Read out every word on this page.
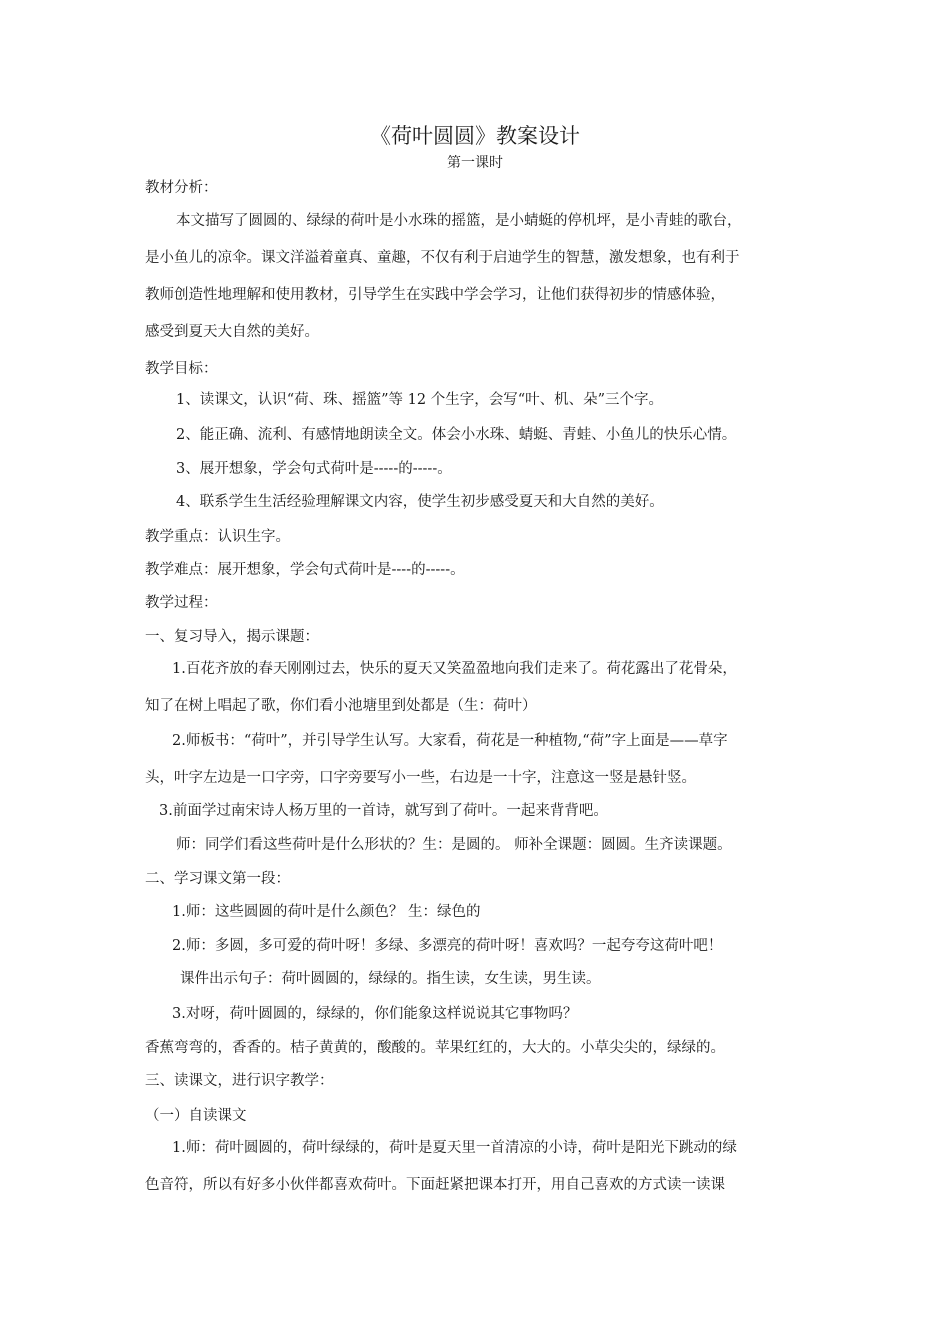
《荷叶圆圆》教案设计
第一课时
教材分析：
本文描写了圆圆的、绿绿的荷叶是小水珠的摇篮，是小蜻蜓的停机坪，是小青蛙的歌台，
是小鱼儿的凉伞。课文洋溢着童真、童趣，不仅有利于启迪学生的智慧，激发想象，也有利于
教师创造性地理解和使用教材，引导学生在实践中学会学习，让他们获得初步的情感体验，
感受到夏天大自然的美好。
教学目标：
1、读课文，认识“荷、珠、摇篮”等 12 个生字，会写“叶、机、朵”三个字。
2、能正确、流利、有感情地朗读全文。体会小水珠、蜻蜓、青蛙、小鱼儿的快乐心情。
3、展开想象，学会句式荷叶是-----的-----。
4、联系学生生活经验理解课文内容，使学生初步感受夏天和大自然的美好。
教学重点：认识生字。
教学难点：展开想象，学会句式荷叶是----的-----。
教学过程：
一、复习导入，揭示课题：
1.百花齐放的春天刚刚过去，快乐的夏天又笑盈盈地向我们走来了。荷花露出了花骨朵，
知了在树上唱起了歌，你们看小池塘里到处都是（生：荷叶）
2.师板书：“荷叶”，并引导学生认写。大家看，荷花是一种植物,“荷”字上面是——草字
头，叶字左边是一口字旁，口字旁要写小一些，右边是一十字，注意这一竖是悬针竖。
3.前面学过南宋诗人杨万里的一首诗，就写到了荷叶。一起来背背吧。
师：同学们看这些荷叶是什么形状的？生：是圆的。 师补全课题：圆圆。生齐读课题。
二、学习课文第一段：
1.师：这些圆圆的荷叶是什么颜色？ 生：绿色的
2.师：多圆，多可爱的荷叶呀！多绿、多漂亮的荷叶呀！喜欢吗？一起夸夸这荷叶吧！
课件出示句子：荷叶圆圆的，绿绿的。指生读，女生读，男生读。
3.对呀，荷叶圆圆的，绿绿的，你们能象这样说说其它事物吗？
香蕉弯弯的，香香的。桔子黄黄的，酸酸的。苹果红红的，大大的。小草尖尖的，绿绿的。
三、读课文，进行识字教学：
（一）自读课文
1.师：荷叶圆圆的，荷叶绿绿的，荷叶是夏天里一首清凉的小诗，荷叶是阳光下跳动的绿
色音符，所以有好多小伙伴都喜欢荷叶。下面赶紧把课本打开，用自己喜欢的方式读一读课
